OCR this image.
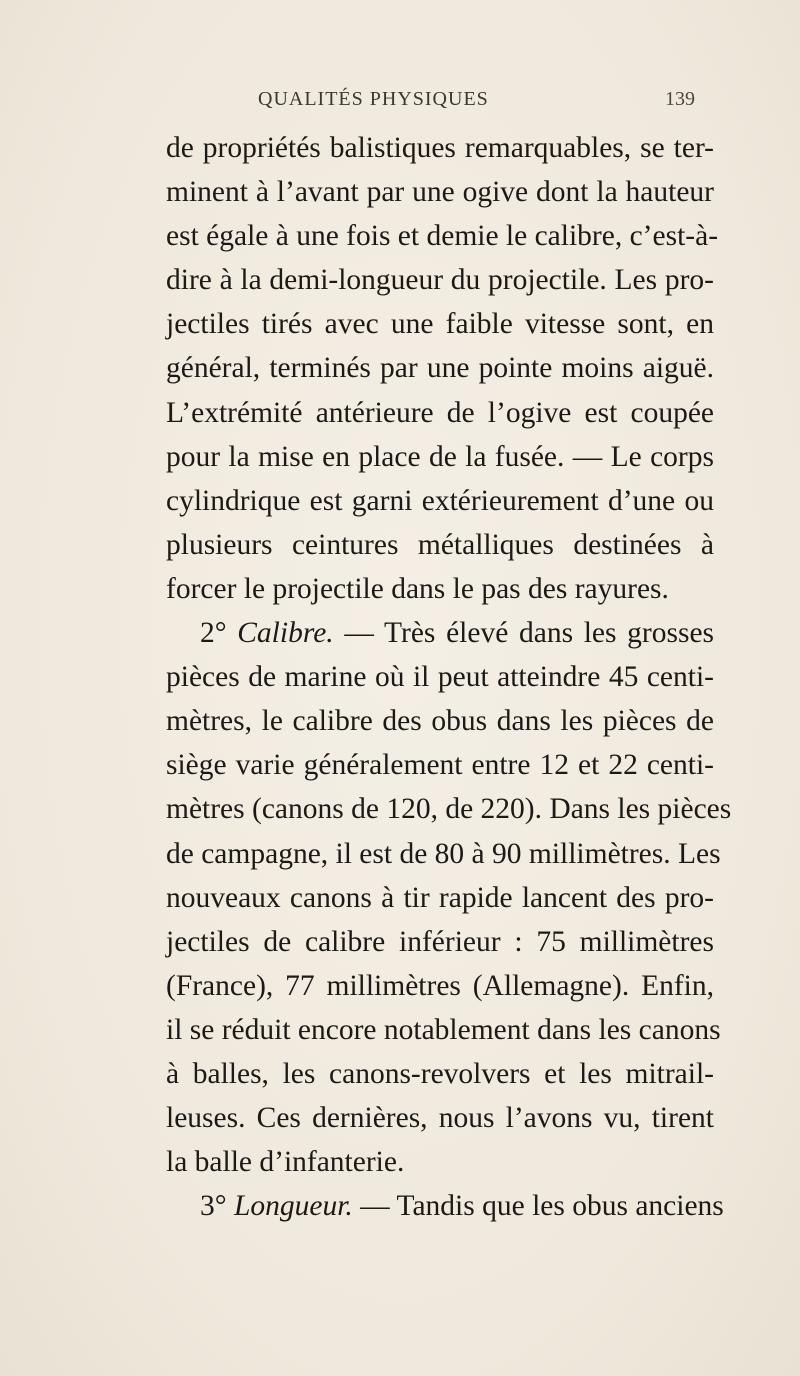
QUALITÉS PHYSIQUES	139
de propriétés balistiques remarquables, se ter-
minent à l’avant par une ogive dont la hauteur
est égale à une fois et demie le calibre, c’est-à-
dire à la demi-longueur du projectile. Les pro-
jectiles tirés avec une faible vitesse sont, en
général, terminés par une pointe moins aiguë.
L’extrémité antérieure de l’ogive est coupée
pour la mise en place de la fusée. — Le corps
cylindrique est garni extérieurement d’une ou
plusieurs ceintures métalliques destinées à
forcer le projectile dans le pas des rayures.
2° Calibre. — Très élevé dans les grosses
pièces de marine où il peut atteindre 45 centi-
mètres, le calibre des obus dans les pièces de
siège varie généralement entre 12 et 22 centi-
mètres (canons de 120, de 220). Dans les pièces
de campagne, il est de 80 à 90 millimètres. Les
nouveaux canons à tir rapide lancent des pro-
jectiles de calibre inférieur : 75 millimètres
(France), 77 millimètres (Allemagne). Enfin,
il se réduit encore notablement dans les canons
à balles, les canons-revolvers et les mitrail-
leuses. Ces dernières, nous l’avons vu, tirent
la balle d’infanterie.
3° Longueur. — Tandis que les obus anciens
